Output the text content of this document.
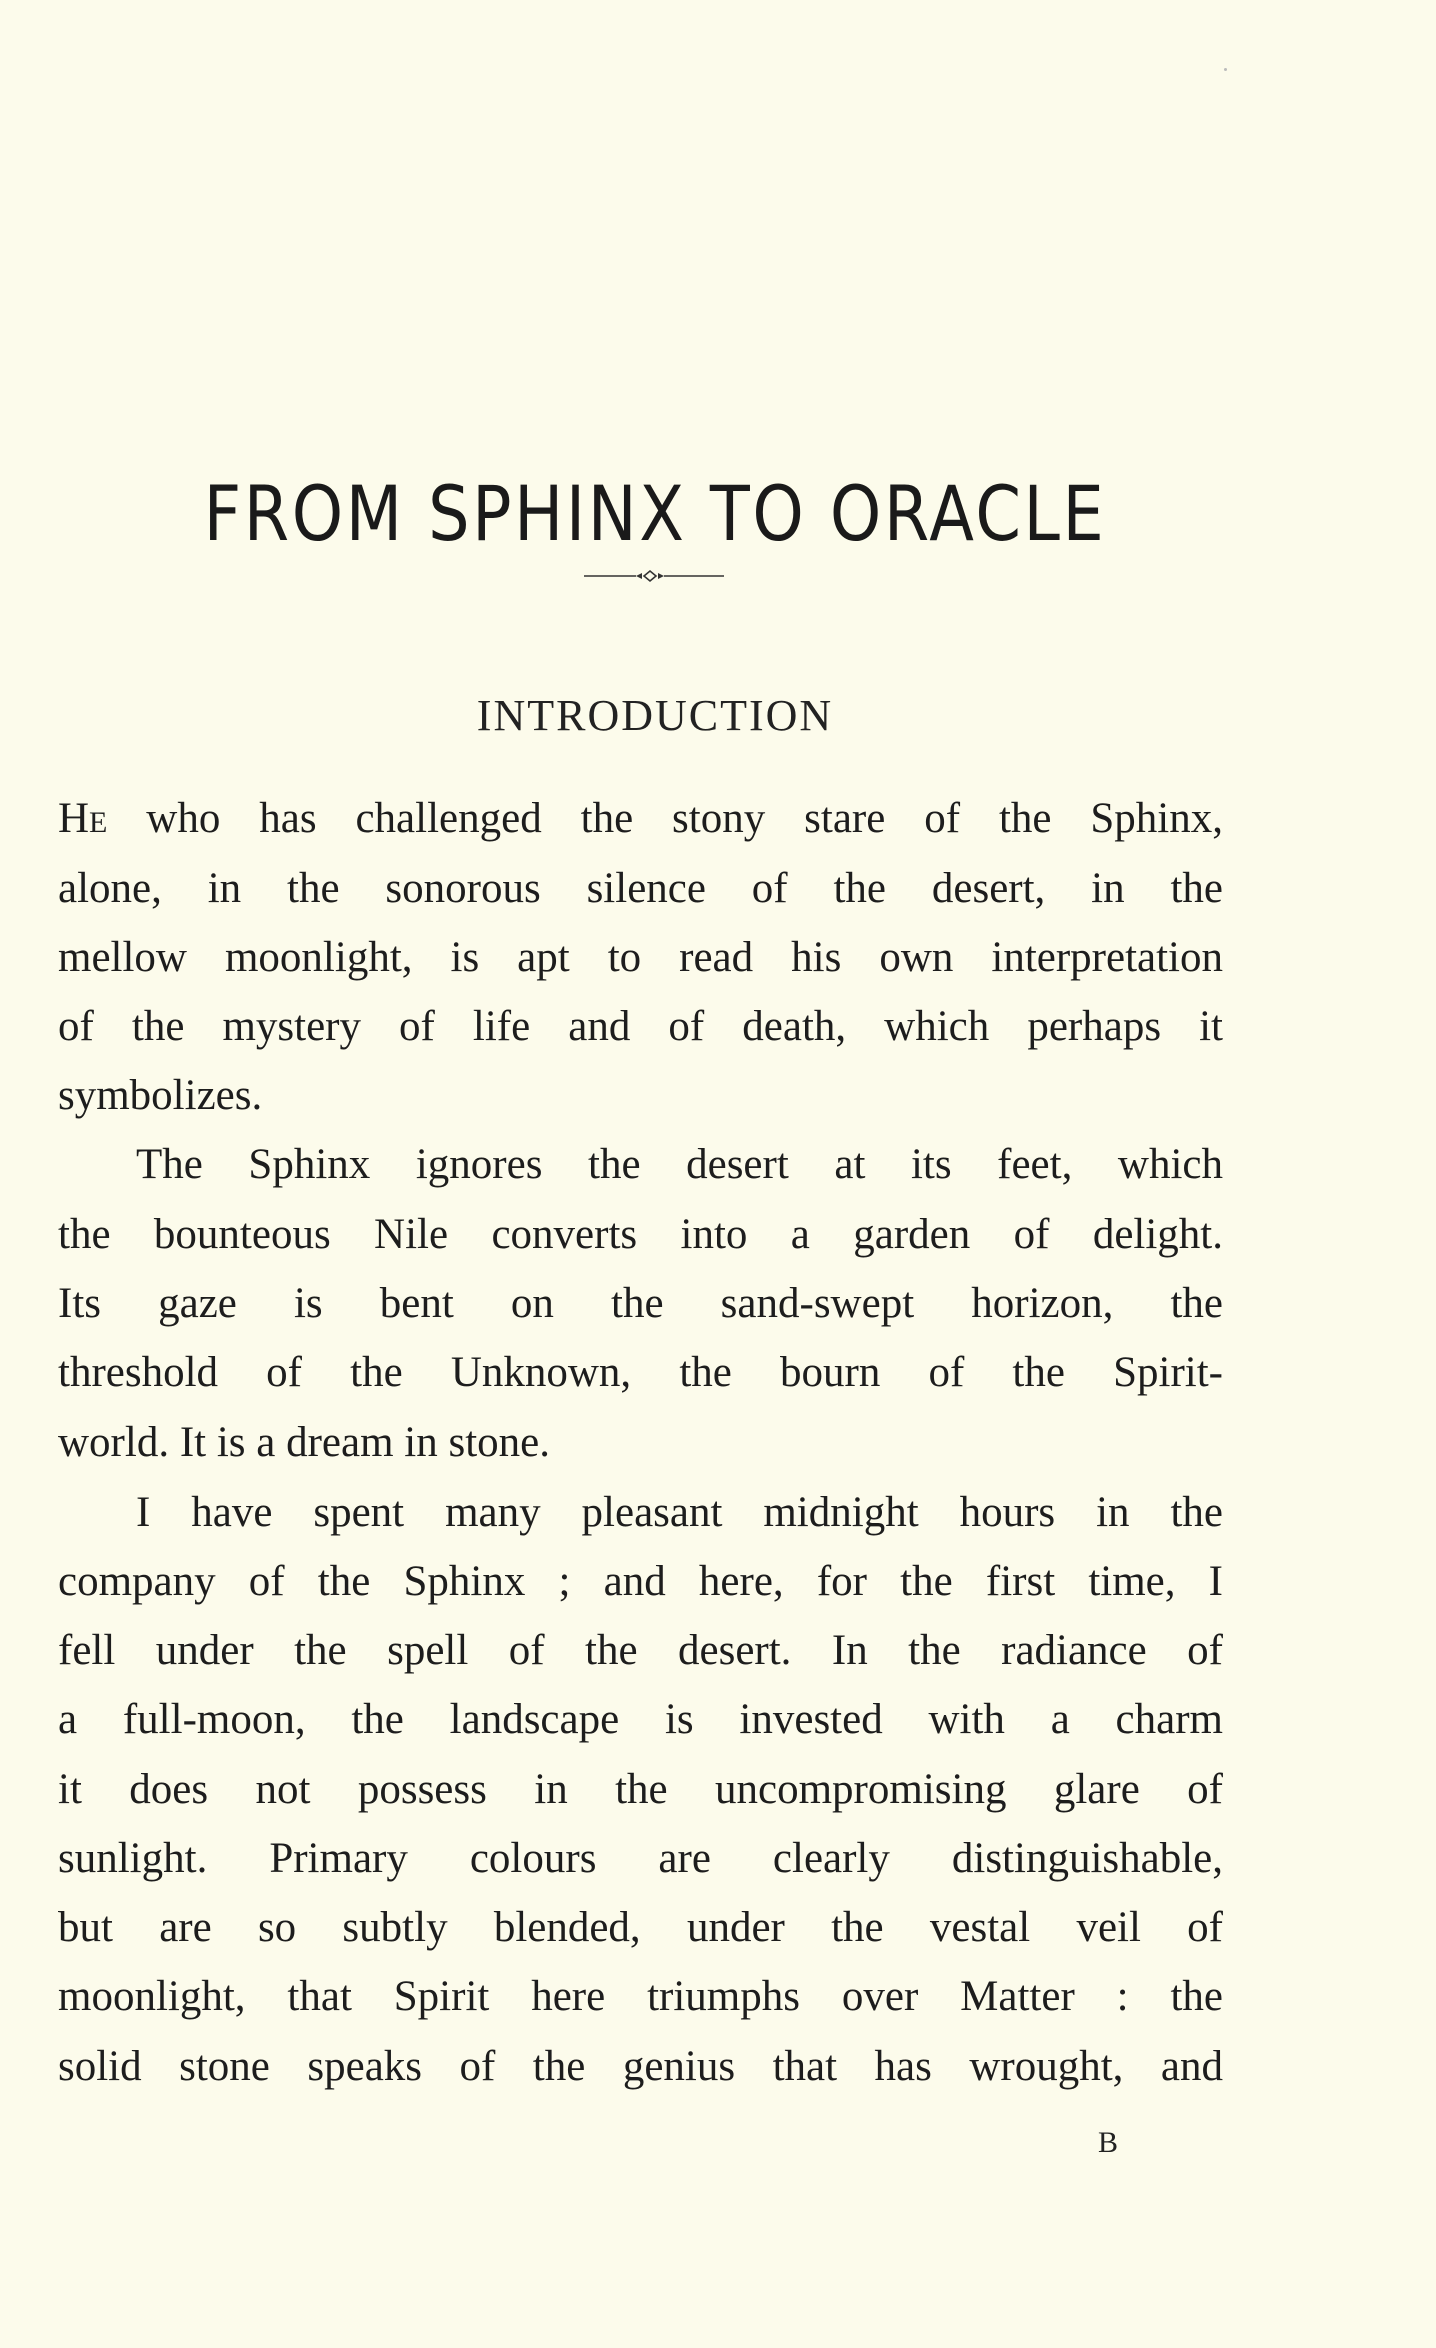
FROM SPHINX TO ORACLE
INTRODUCTION
He who has challenged the stony stare of the Sphinx,
alone, in the sonorous silence of the desert, in the
mellow moonlight, is apt to read his own interpretation
of the mystery of life and of death, which perhaps it
symbolizes.
The Sphinx ignores the desert at its feet, which
the bounteous Nile converts into a garden of delight.
Its gaze is bent on the sand-swept horizon, the
threshold of the Unknown, the bourn of the Spirit-
world. It is a dream in stone.
I have spent many pleasant midnight hours in the
company of the Sphinx ; and here, for the first time, I
fell under the spell of the desert. In the radiance of
a full-moon, the landscape is invested with a charm
it does not possess in the uncompromising glare of
sunlight. Primary colours are clearly distinguishable,
but are so subtly blended, under the vestal veil of
moonlight, that Spirit here triumphs over Matter : the
solid stone speaks of the genius that has wrought, and
B
